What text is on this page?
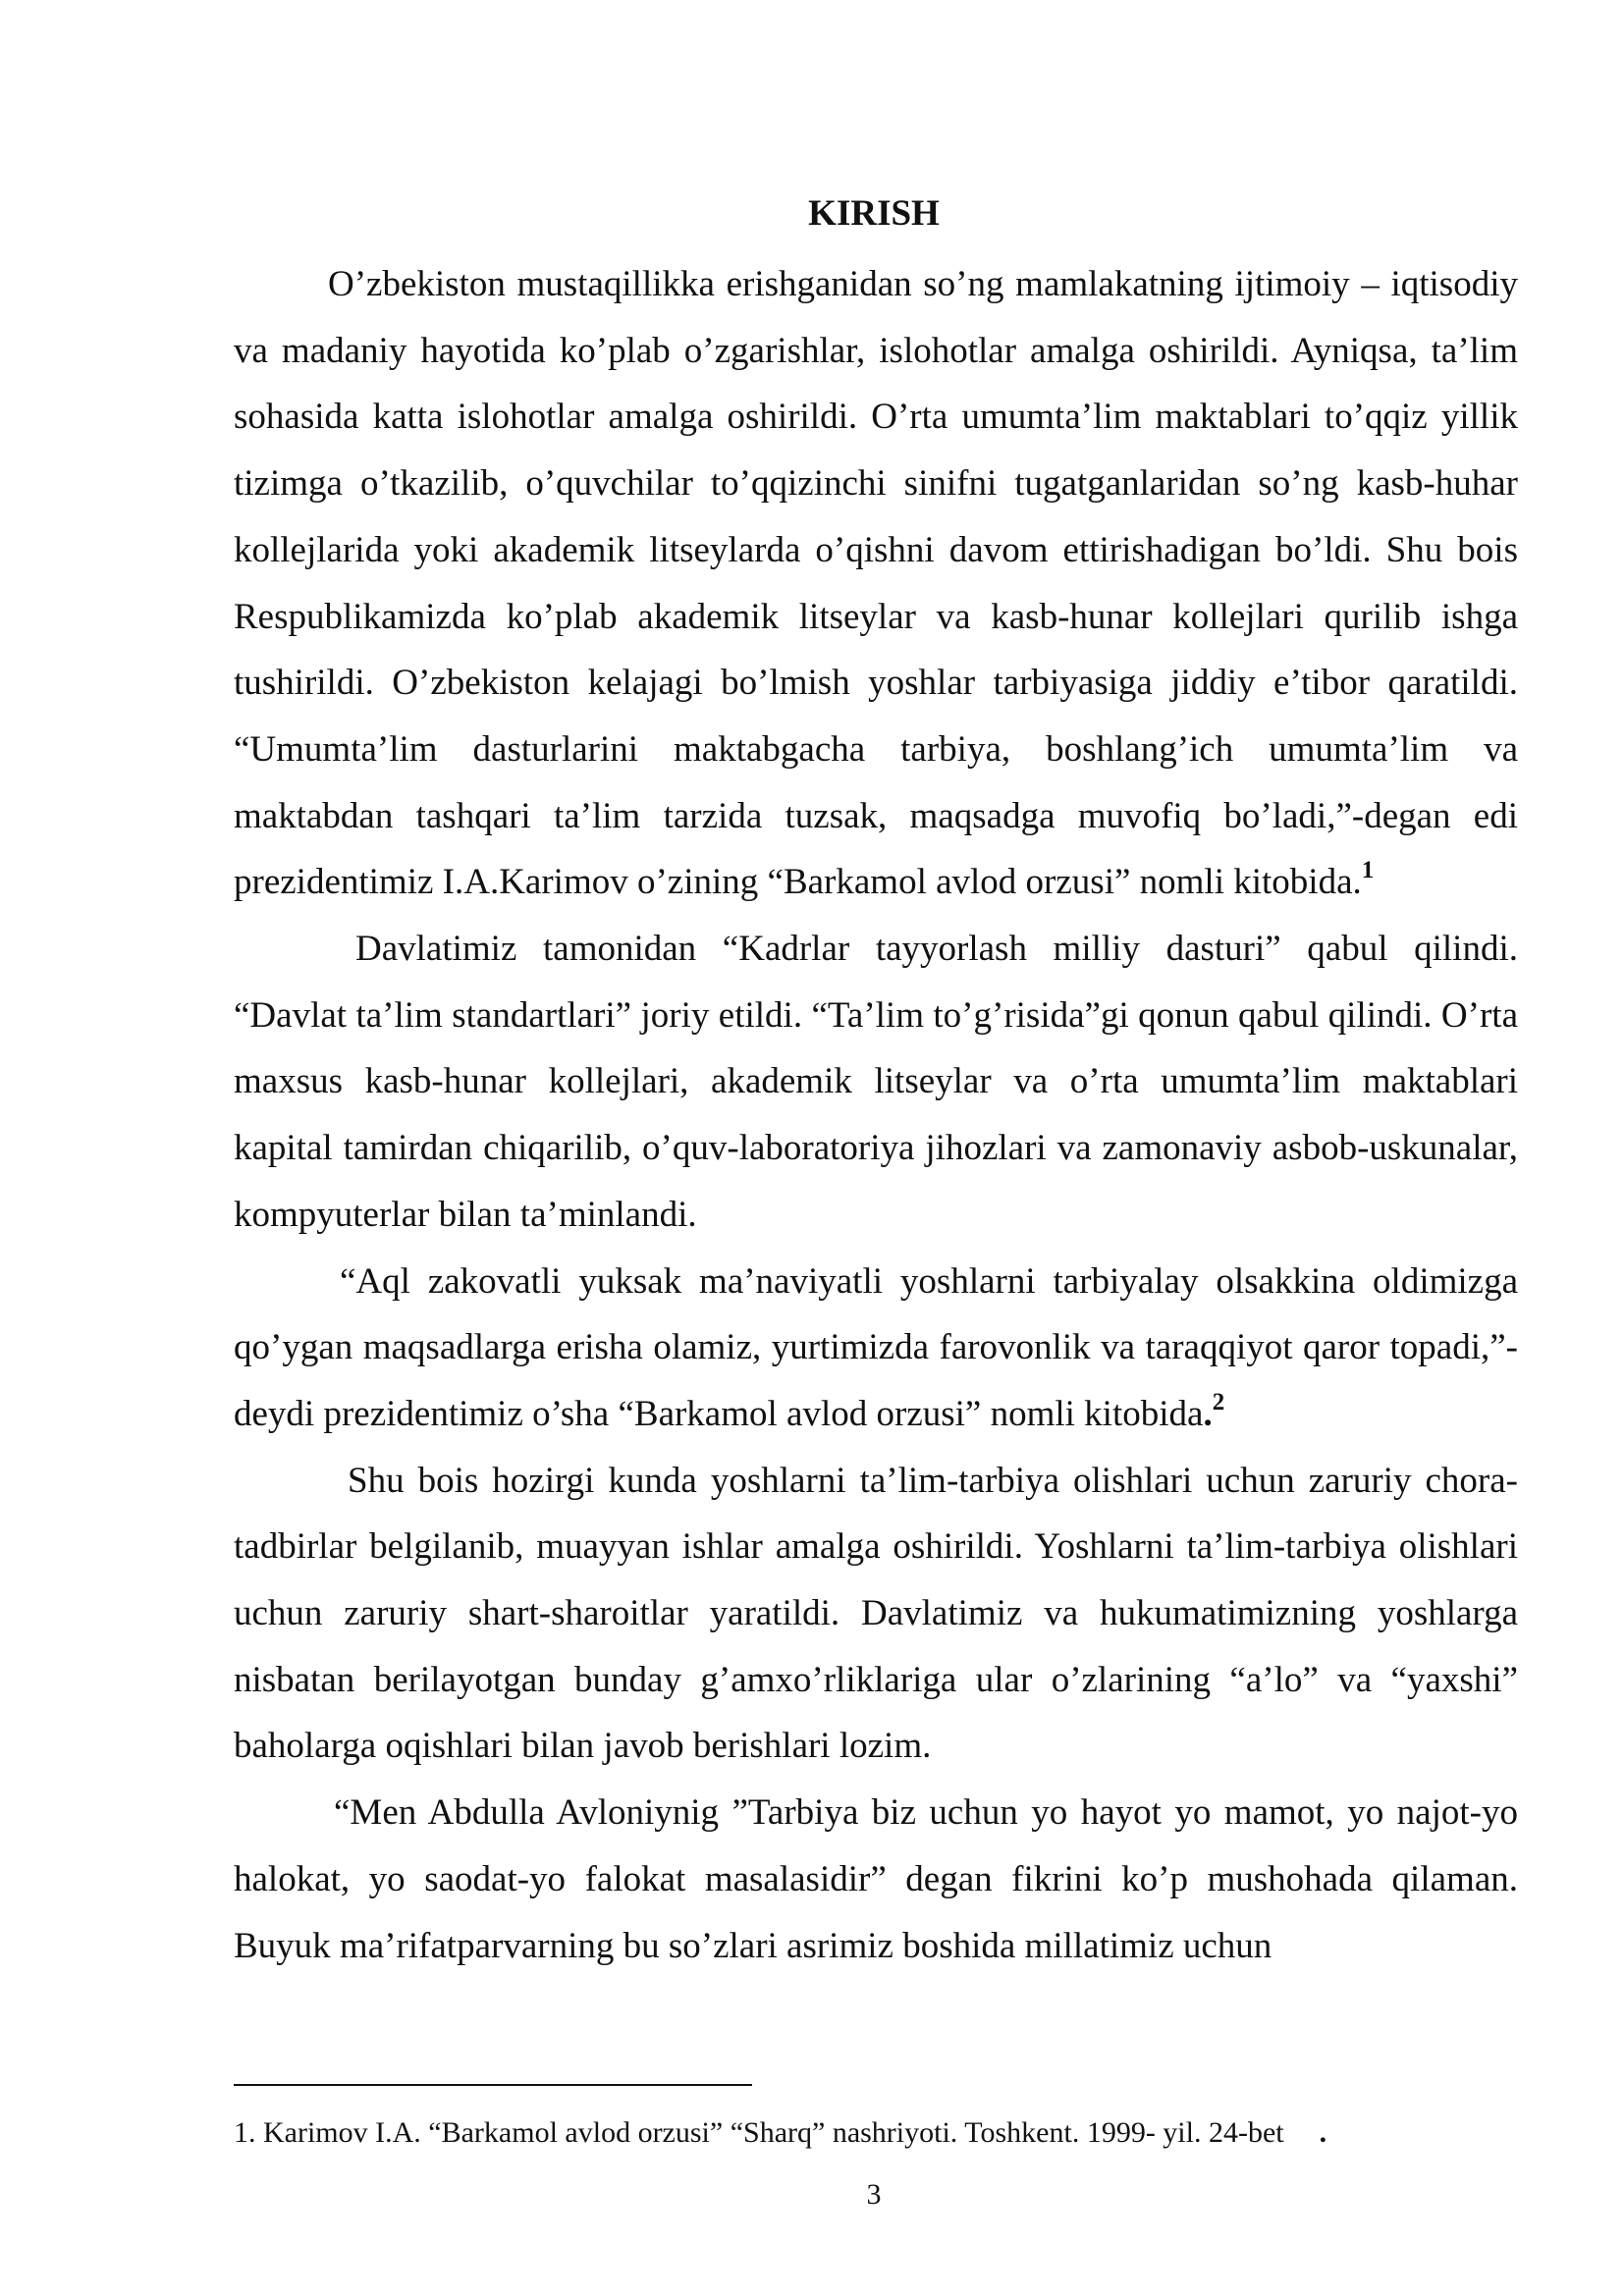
KIRISH

O’zbekiston mustaqillikka erishganidan so’ng mamlakatning ijtimoiy – iqtisodiy va madaniy hayotida ko’plab o’zgarishlar, islohotlar amalga oshirildi. Ayniqsa, ta’lim sohasida katta islohotlar amalga oshirildi. O’rta umumta’lim maktablari to’qqiz yillik tizimga o’tkazilib, o’quvchilar to’qqizinchi sinifni tugatganlaridan so’ng kasb-huhar kollejlarida yoki akademik litseylarda o’qishni davom ettirishadigan bo’ldi. Shu bois Respublikamizda ko’plab akademik litseylar va kasb-hunar kollejlari qurilib ishga tushirildi. O’zbekiston kelajagi bo’lmish yoshlar tarbiyasiga jiddiy e’tibor qaratildi. “Umumta’lim dasturlarini maktabgacha tarbiya, boshlang’ich umumta’lim va maktabdan tashqari ta’lim tarzida tuzsak, maqsadga muvofiq bo’ladi,”-degan edi prezidentimiz I.A.Karimov o’zining “Barkamol avlod orzusi” nomli kitobida.$^1$

Davlatimiz tamonidan “Kadrlar tayyorlash milliy dasturi” qabul qilindi. “Davlat ta’lim standartlari” joriy etildi. “Ta’lim to’g’risida”gi qonun qabul qilindi. O’rta maxsus kasb-hunar kollejlari, akademik litseylar va o’rta umumta’lim maktablari kapital tamirdan chiqarilib, o’quv-laboratoriya jihozlari va zamonaviy asbob-uskunalar, kompyuterlar bilan ta’minlandi.

“Aql zakovatli yuksak ma’naviyatli yoshlarni tarbiyalay olsakkina oldimizga qo’ygan maqsadlarga erisha olamiz, yurtimizda farovonlik va taraqqiyot qaror topadi,”-deydi prezidentimiz o’sha “Barkamol avlod orzusi” nomli kitobida.$^2$

Shu bois hozirgi kunda yoshlarni ta’lim-tarbiya olishlari uchun zaruriy chora-tadbirlar belgilanib, muayyan ishlar amalga oshirildi. Yoshlarni ta’lim-tarbiya olishlari uchun zaruriy shart-sharoitlar yaratildi. Davlatimiz va hukumatimizning yoshlarga nisbatan berilayotgan bunday g’amxo’rliklariga ular o’zlarining “a’lo” va “yaxshi” baholarga oqishlari bilan javob berishlari lozim.

“Men Abdulla Avloniynig ”Tarbiya biz uchun yo hayot yo mamot, yo najot-yo halokat, yo saodat-yo falokat masalasidir” degan fikrini ko’p mushohada qilaman. Buyuk ma’rifatparvarning bu so’zlari asrimiz boshida millatimiz uchun

1. Karimov I.A. “Barkamol avlod orzusi” “Sharq” nashriyoti. Toshkent. 1999- yil. 24-bet .
3
